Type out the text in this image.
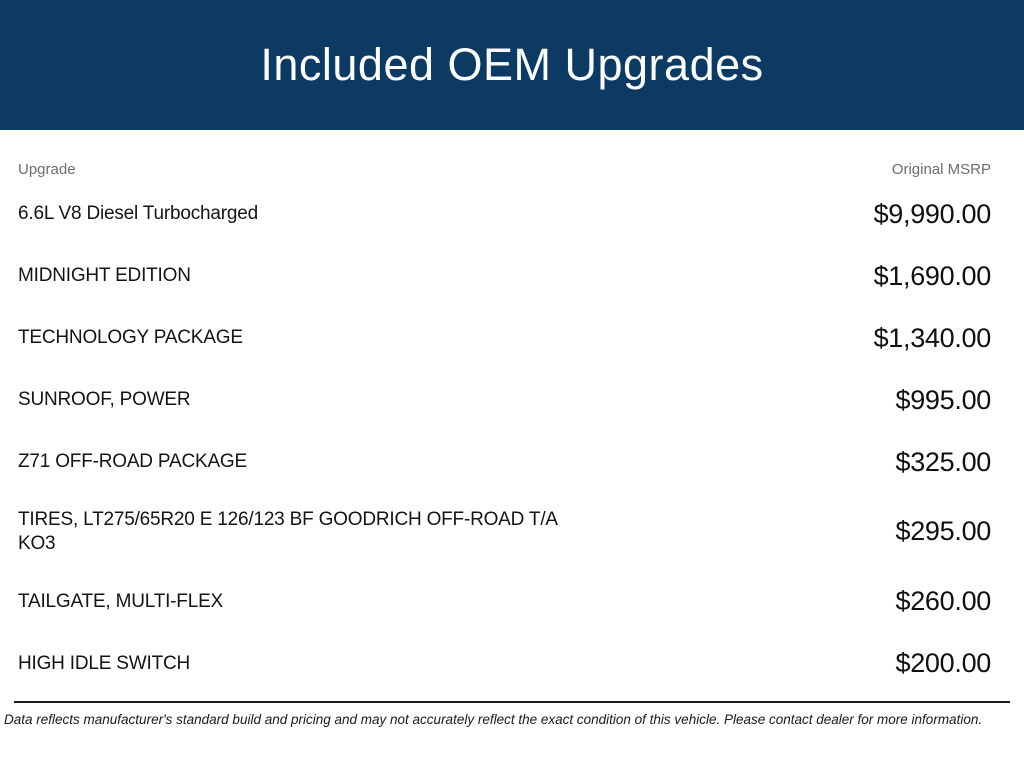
Included OEM Upgrades
Upgrade	Original MSRP
6.6L V8 Diesel Turbocharged	$9,990.00
MIDNIGHT EDITION	$1,690.00
TECHNOLOGY PACKAGE	$1,340.00
SUNROOF, POWER	$995.00
Z71 OFF-ROAD PACKAGE	$325.00
TIRES, LT275/65R20 E 126/123 BF GOODRICH OFF-ROAD T/A KO3	$295.00
TAILGATE, MULTI-FLEX	$260.00
HIGH IDLE SWITCH	$200.00
Data reflects manufacturer's standard build and pricing and may not accurately reflect the exact condition of this vehicle. Please contact dealer for more information.
